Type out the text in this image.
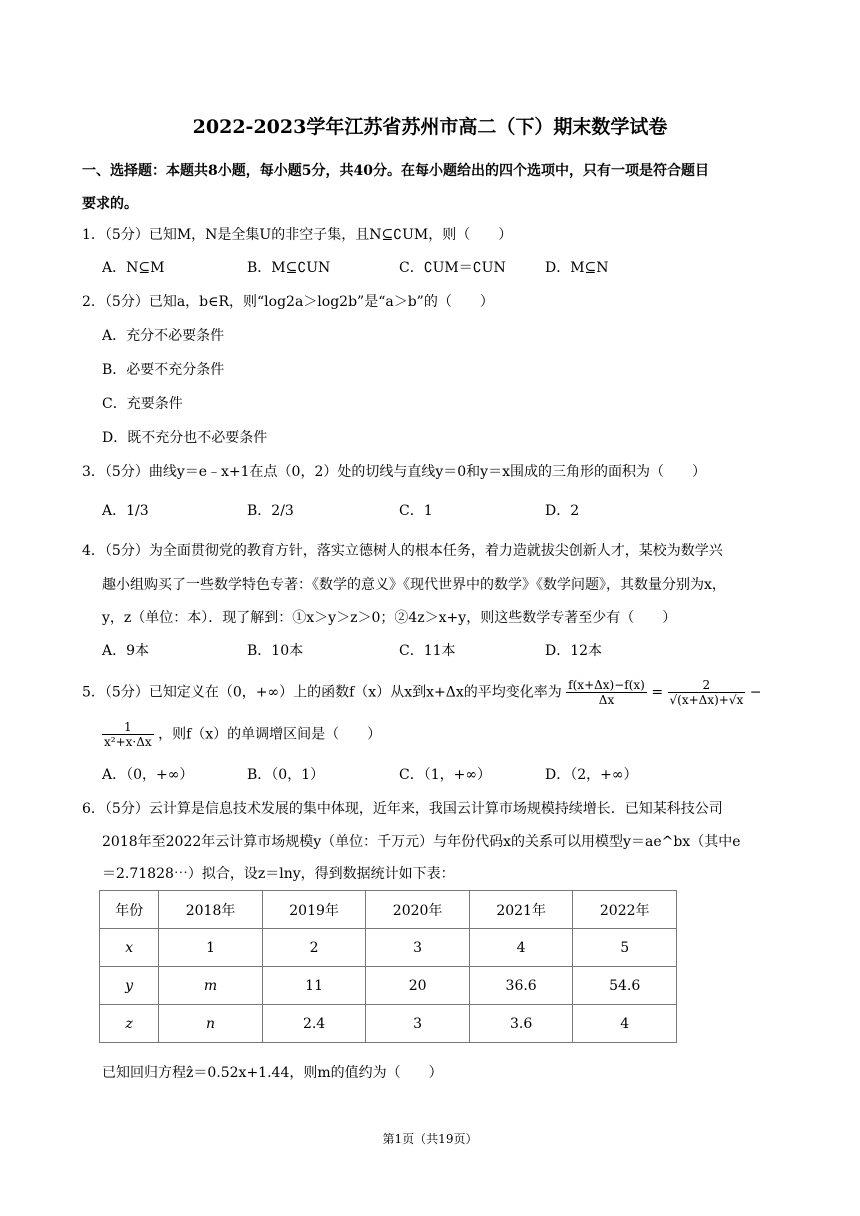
2022-2023学年江苏省苏州市高二（下）期末数学试卷
一、选择题：本题共8小题，每小题5分，共40分。在每小题给出的四个选项中，只有一项是符合题目
要求的。
1．（5分）已知M，N是全集U的非空子集，且N⊆∁UM，则（　　）
A．N⊆M	B．M⊆∁UN	C．∁UM＝∁UN	D．M⊆N
2．（5分）已知a，b∈R，则“log2a＞log2b”是“a＞b”的（　　）
A．充分不必要条件
B．必要不充分条件
C．充要条件
D．既不充分也不必要条件
3．（5分）曲线y＝e﹣x+1在点（0，2）处的切线与直线y＝0和y＝x围成的三角形的面积为（　　）
A．1/3	B．2/3	C．1	D．2
4．（5分）为全面贯彻党的教育方针，落实立德树人的根本任务，着力造就拔尖创新人才，某校为数学兴
趣小组购买了一些数学特色专著：《数学的意义》《现代世界中的数学》《数学问题》，其数量分别为x，
y，z（单位：本）．现了解到：①x＞y＞z＞0；②4z＞x+y，则这些数学专著至少有（　　）
A．9本	B．10本	C．11本	D．12本
5．（5分）已知定义在（0，+∞）上的函数f（x）从x到x+Δx的平均变化率为 $\frac{f(x+\Delta x)-f(x)}{\Delta x} = \frac{2}{√(x+\Delta x)+√x}$ −
$\frac{1}{\text{x²+x·Δx}}$ ，则f（x）的单调增区间是（　　）
A．（0，+∞）	B．（0，1）	C．（1，+∞）	D．（2，+∞）
6．（5分）云计算是信息技术发展的集中体现，近年来，我国云计算市场规模持续增长．已知某科技公司
2018年至2022年云计算市场规模y（单位：千万元）与年份代码x的关系可以用模型y＝ae^bx（其中e
＝2.71828⋯）拟合，设z＝lny，得到数据统计如下表：
年份	2018年	2019年	2020年	2021年	2022年
x	1	2	3	4	5
y	m	11	20	36.6	54.6
z	n	2.4	3	3.6	4
已知回归方程ẑ＝0.52x+1.44，则m的值约为（　　）
第1页（共19页）
